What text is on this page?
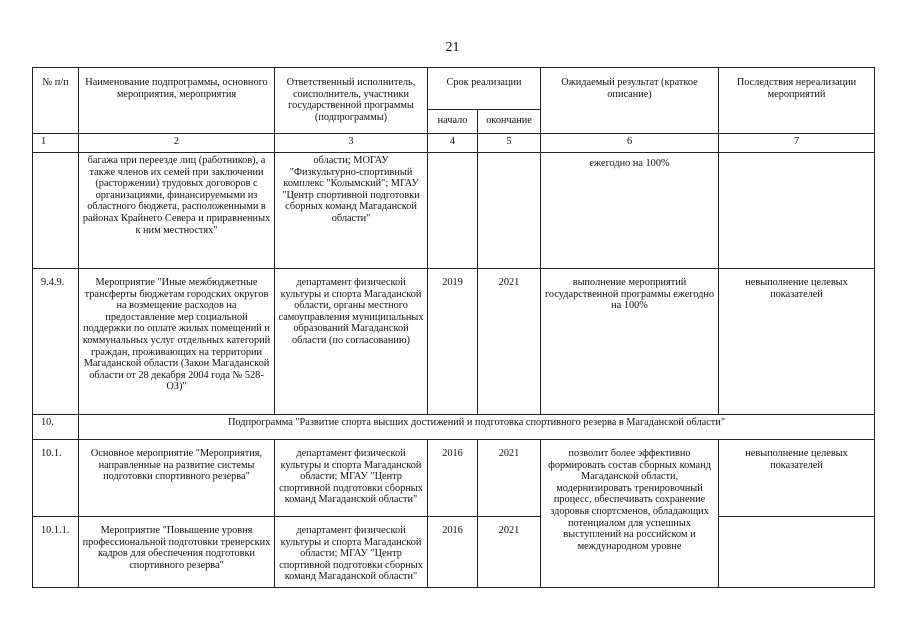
21
№ п/п	Наименование подпрограммы, основного мероприятия, мероприятия	Ответственный исполнитель, соисполнитель, участники государственной программы (подпрограммы)	Срок реализации		Ожидаемый результат (краткое описание)	Последствия нереализации мероприятий
			начало	окончание		
1	2	3	4	5	6	7
	багажа при переезде лиц (работников), а также членов их семей при заключении (расторжении) трудовых договоров с организациями, финансируемыми из областного бюджета, расположенными в районах Крайнего Севера и приравненных к ним местностях"	области; МОГАУ "Физкультурно-спортивный комплекс "Колымский"; МГАУ "Центр спортивной подготовки сборных команд Магаданской области"			ежегодно на 100%	
9.4.9.	Мероприятие "Иные межбюджетные трансферты бюджетам городских округов на возмещение расходов на предоставление мер социальной поддержки по оплате жилых помещений и коммунальных услуг отдельных категорий граждан, проживающих на территории Магаданской области (Закон Магаданской области от 28 декабря 2004 года № 528-ОЗ)"	департамент физической культуры и спорта Магаданской области, органы местного самоуправления муниципальных образований Магаданской области (по согласованию)	2019	2021	выполнение мероприятий государственной программы ежегодно на 100%	невыполнение целевых показателей
10.	Подпрограмма "Развитие спорта высших достижений и подготовка спортивного резерва в Магаданской области"					
10.1.	Основное мероприятие "Мероприятия, направленные на развитие системы подготовки спортивного резерва"	департамент физической культуры и спорта Магаданской области; МГАУ "Центр спортивной подготовки сборных команд Магаданской области"	2016	2021	позволит более эффективно формировать состав сборных команд Магаданской области, модернизировать тренировочный процесс, обеспечивать сохранение здоровья спортсменов, обладающих потенциалом для успешных выступлений на российском и международном уровне	невыполнение целевых показателей
10.1.1.	Мероприятие "Повышение уровня профессиональной подготовки тренерских кадров для обеспечения подготовки спортивного резерва"	департамент физической культуры и спорта Магаданской области; МГАУ "Центр спортивной подготовки сборных команд Магаданской области"	2016	2021		
